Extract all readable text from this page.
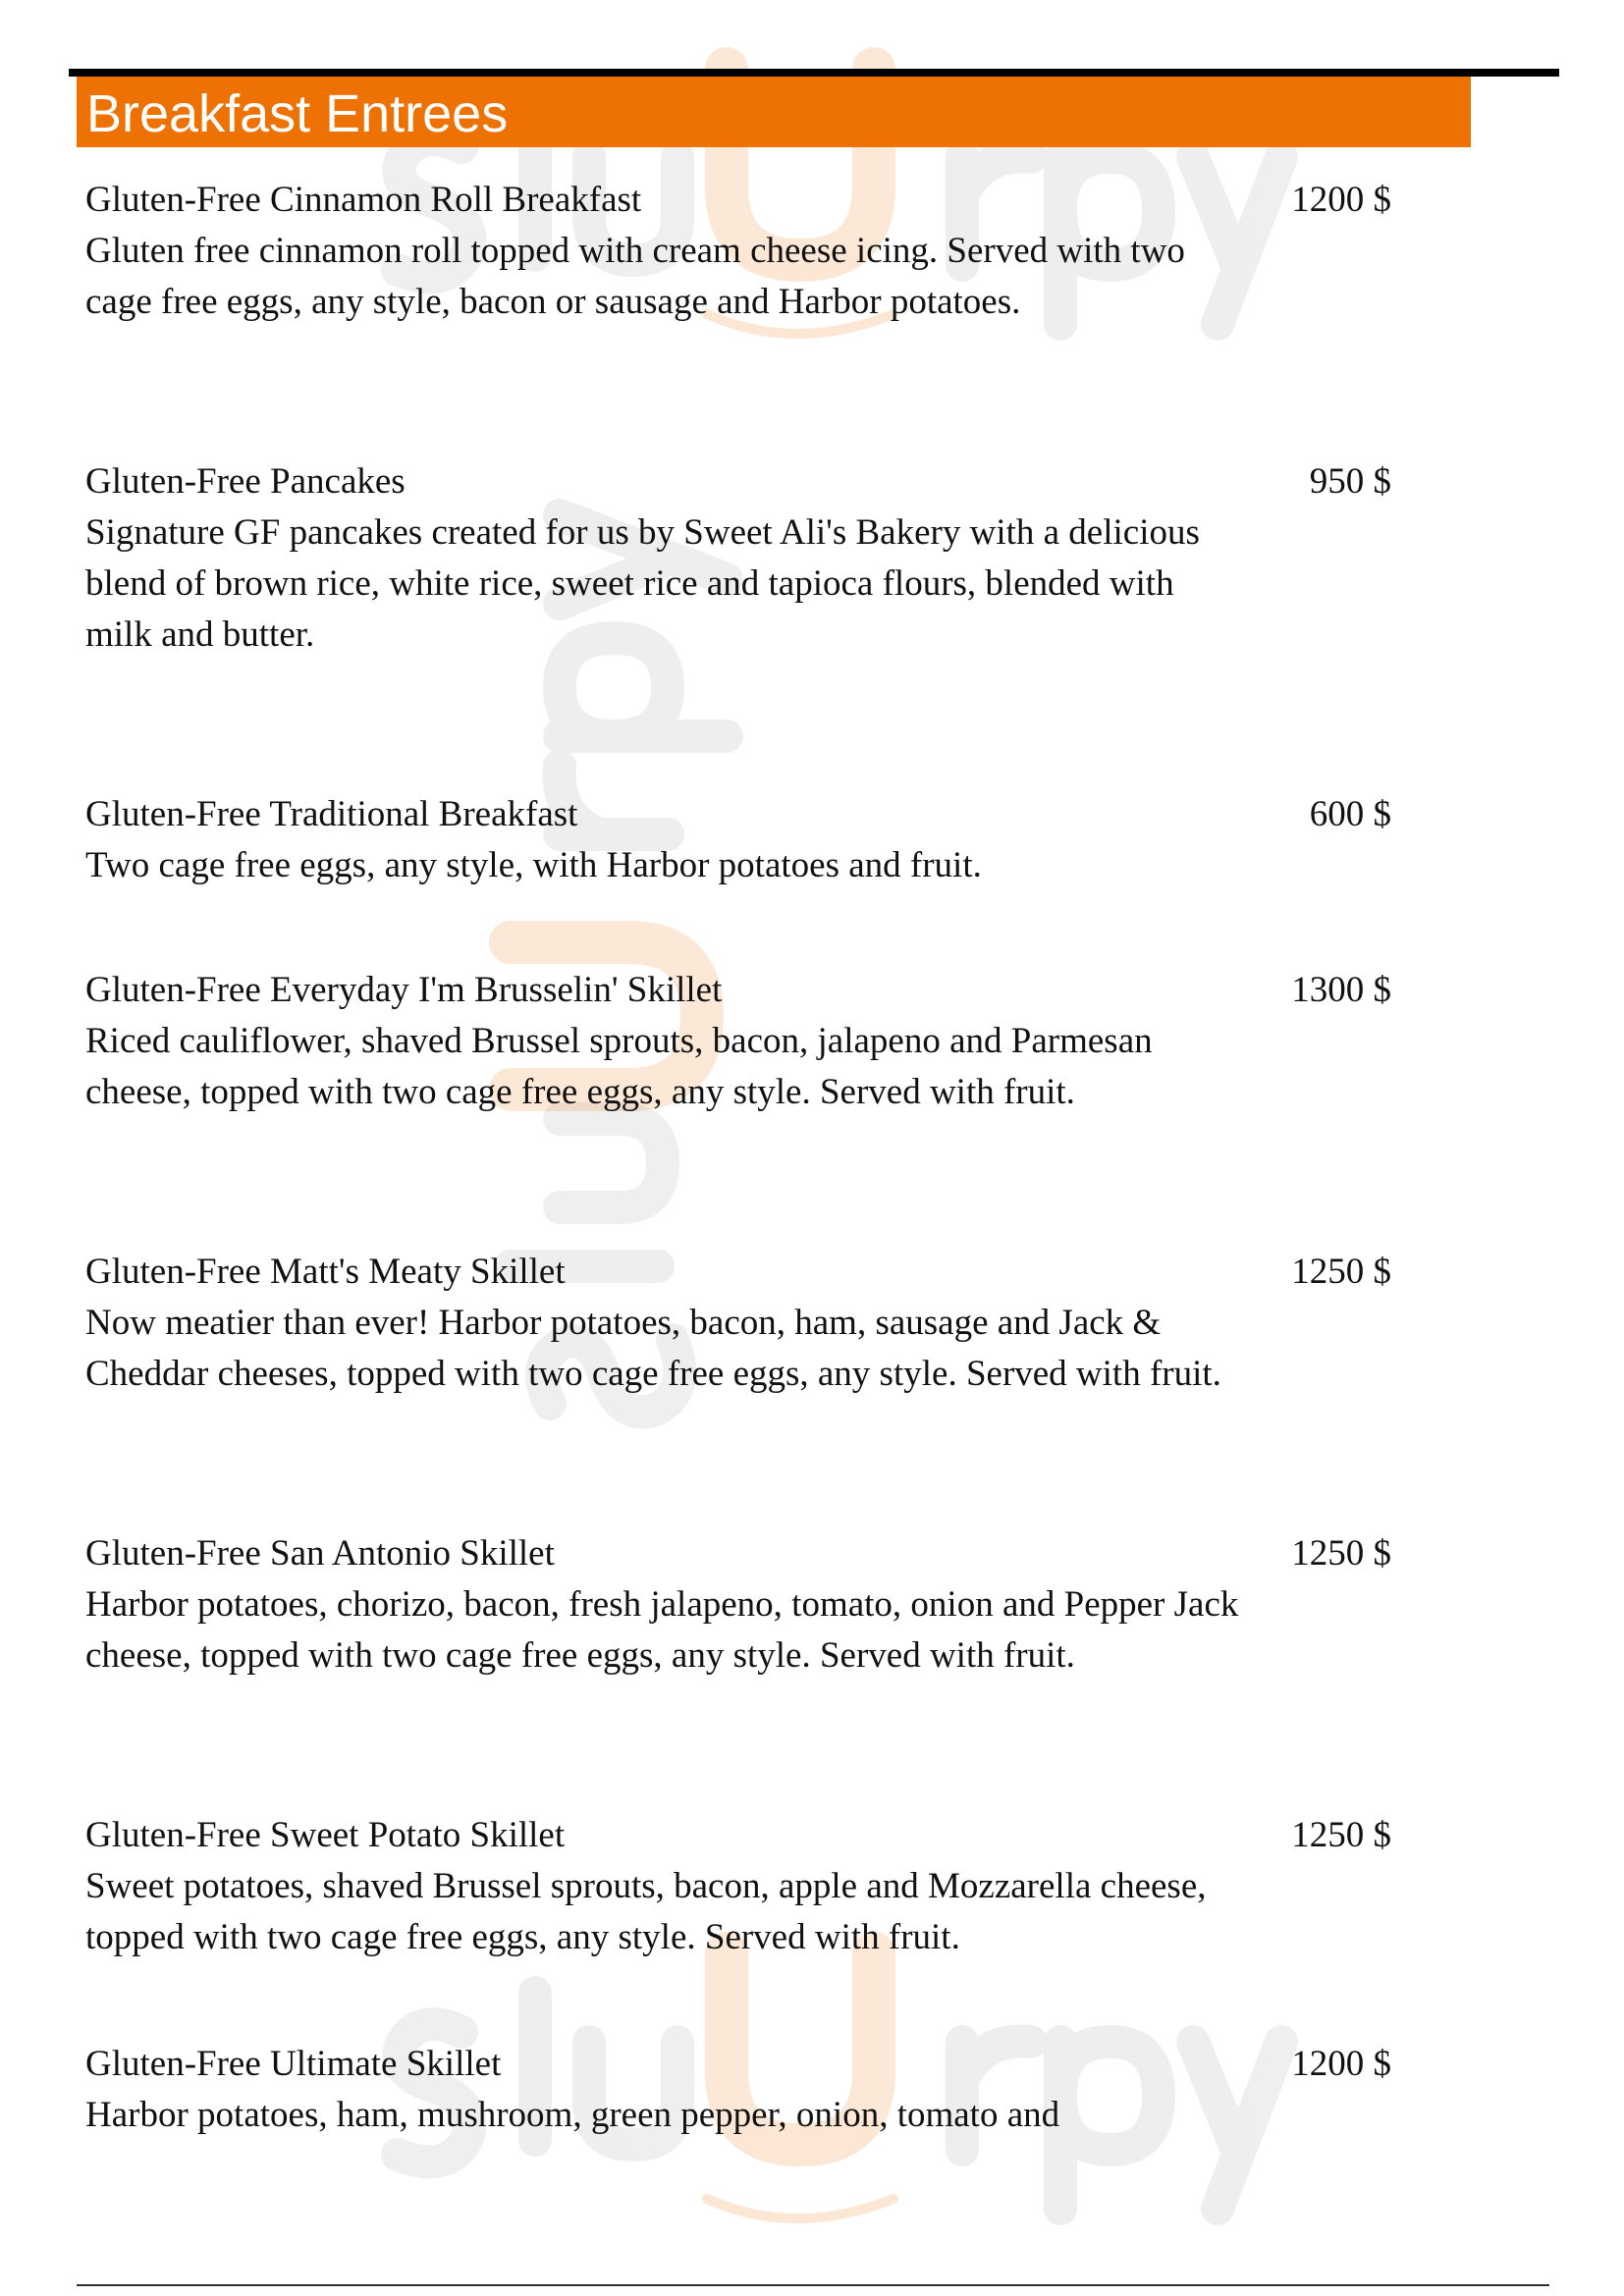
Breakfast Entrees
Gluten-Free Cinnamon Roll Breakfast	1200 $
Gluten free cinnamon roll topped with cream cheese icing. Served with two cage free eggs, any style, bacon or sausage and Harbor potatoes.
Gluten-Free Pancakes	950 $
Signature GF pancakes created for us by Sweet Ali's Bakery with a delicious blend of brown rice, white rice, sweet rice and tapioca flours, blended with milk and butter.
Gluten-Free Traditional Breakfast	600 $
Two cage free eggs, any style, with Harbor potatoes and fruit.
Gluten-Free Everyday I'm Brusselin' Skillet	1300 $
Riced cauliflower, shaved Brussel sprouts, bacon, jalapeno and Parmesan cheese, topped with two cage free eggs, any style. Served with fruit.
Gluten-Free Matt's Meaty Skillet	1250 $
Now meatier than ever! Harbor potatoes, bacon, ham, sausage and Jack & Cheddar cheeses, topped with two cage free eggs, any style. Served with fruit.
Gluten-Free San Antonio Skillet	1250 $
Harbor potatoes, chorizo, bacon, fresh jalapeno, tomato, onion and Pepper Jack cheese, topped with two cage free eggs, any style. Served with fruit.
Gluten-Free Sweet Potato Skillet	1250 $
Sweet potatoes, shaved Brussel sprouts, bacon, apple and Mozzarella cheese, topped with two cage free eggs, any style. Served with fruit.
Gluten-Free Ultimate Skillet	1200 $
Harbor potatoes, ham, mushroom, green pepper, onion, tomato and
